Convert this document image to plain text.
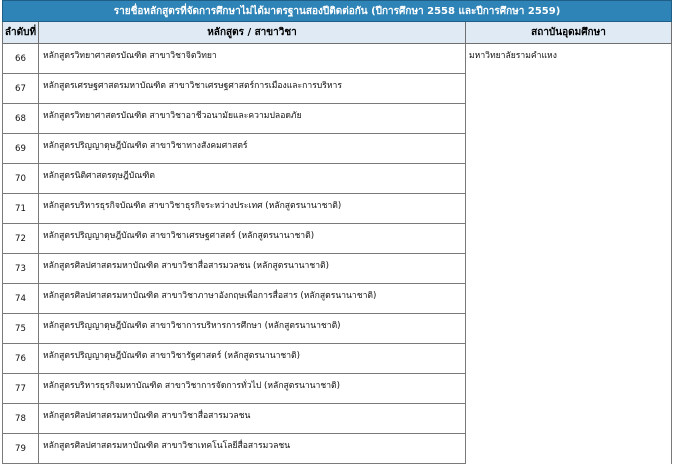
รายชื่อหลักสูตรที่จัดการศึกษาไม่ได้มาตรฐานสองปีติดต่อกัน (ปีการศึกษา 2558 และปีการศึกษา 2559)		
ลำดับที่	หลักสูตร / สาขาวิชา	สถาบันอุดมศึกษา
66	หลักสูตรวิทยาศาสตรบัณฑิต สาขาวิชาจิตวิทยา	มหาวิทยาลัยรามคำแหง
67	หลักสูตรเศรษฐศาสตรมหาบัณฑิต สาขาวิชาเศรษฐศาสตร์การเมืองและการบริหาร	
68	หลักสูตรวิทยาศาสตรบัณฑิต สาขาวิชาอาชีวอนามัยและความปลอดภัย	
69	หลักสูตรปริญญาดุษฎีบัณฑิต สาขาวิชาทางสังคมศาสตร์	
70	หลักสูตรนิติศาสตรดุษฎีบัณฑิต	
71	หลักสูตรบริหารธุรกิจบัณฑิต สาขาวิชาธุรกิจระหว่างประเทศ (หลักสูตรนานาชาติ)	
72	หลักสูตรปริญญาดุษฎีบัณฑิต สาขาวิชาเศรษฐศาสตร์ (หลักสูตรนานาชาติ)	
73	หลักสูตรศิลปศาสตรมหาบัณฑิต สาขาวิชาสื่อสารมวลชน (หลักสูตรนานาชาติ)	
74	หลักสูตรศิลปศาสตรมหาบัณฑิต สาขาวิชาภาษาอังกฤษเพื่อการสื่อสาร (หลักสูตรนานาชาติ)	
75	หลักสูตรปริญญาดุษฎีบัณฑิต สาขาวิชาการบริหารการศึกษา (หลักสูตรนานาชาติ)	
76	หลักสูตรปริญญาดุษฎีบัณฑิต สาขาวิชารัฐศาสตร์ (หลักสูตรนานาชาติ)	
77	หลักสูตรบริหารธุรกิจมหาบัณฑิต สาขาวิชาการจัดการทั่วไป (หลักสูตรนานาชาติ)	
78	หลักสูตรศิลปศาสตรมหาบัณฑิต สาขาวิชาสื่อสารมวลชน	
79	หลักสูตรศิลปศาสตรมหาบัณฑิต สาขาวิชาเทคโนโลยีสื่อสารมวลชน	
